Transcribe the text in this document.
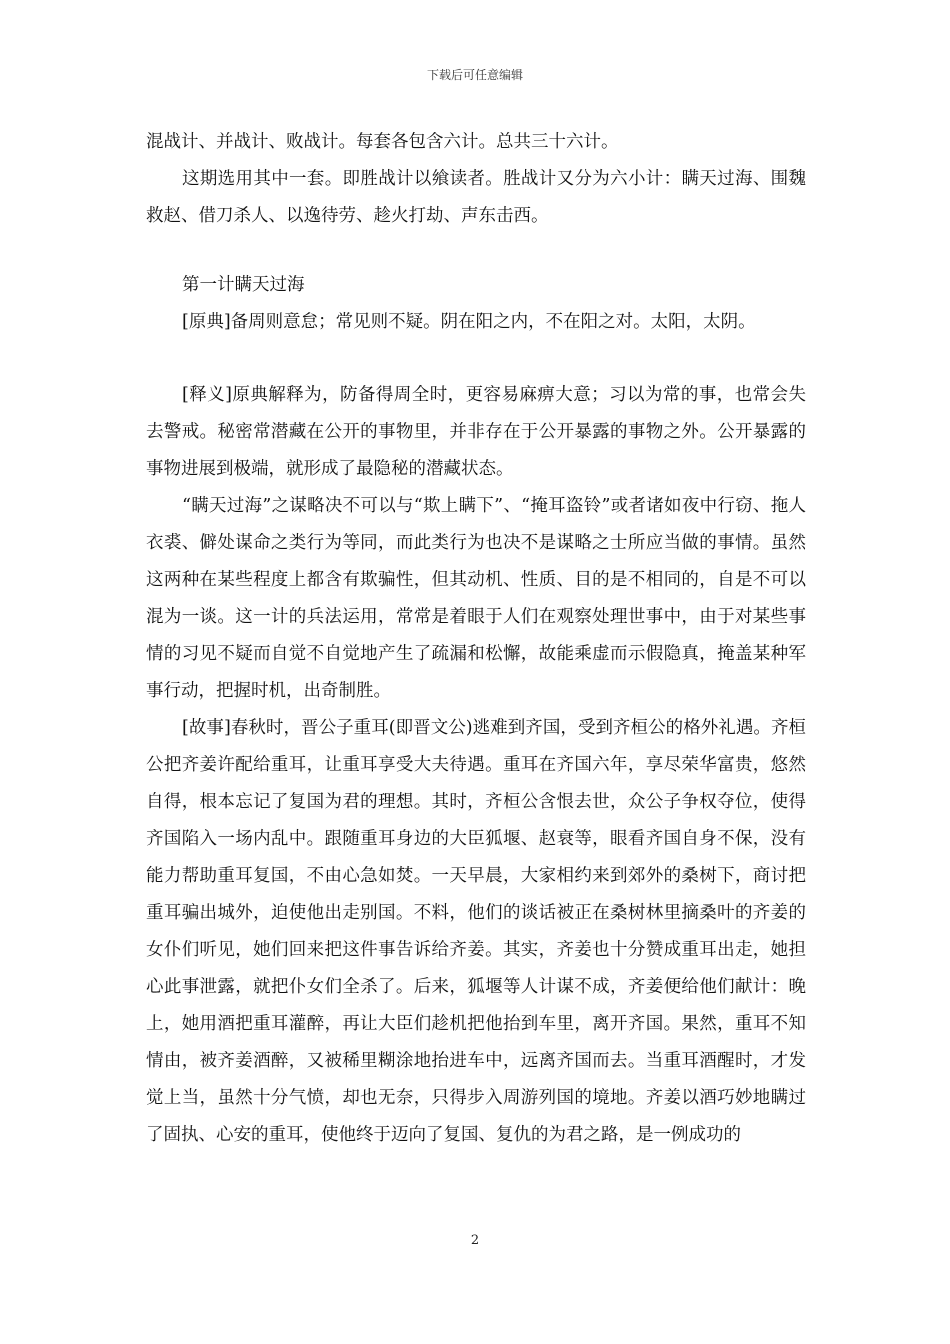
下载后可任意编辑

混战计、并战计、败战计。每套各包含六计。总共三十六计。

这期选用其中一套。即胜战计以飨读者。胜战计又分为六小计：瞒天过海、围魏救赵、借刀杀人、以逸待劳、趁火打劫、声东击西。

第一计瞒天过海

[原典]备周则意怠；常见则不疑。阴在阳之内，不在阳之对。太阳，太阴。

[释义]原典解释为，防备得周全时，更容易麻痹大意；习以为常的事，也常会失去警戒。秘密常潜藏在公开的事物里，并非存在于公开暴露的事物之外。公开暴露的事物进展到极端，就形成了最隐秘的潜藏状态。

“瞒天过海”之谋略决不可以与“欺上瞒下”、“掩耳盗铃”或者诸如夜中行窃、拖人衣裘、僻处谋命之类行为等同，而此类行为也决不是谋略之士所应当做的事情。虽然这两种在某些程度上都含有欺骗性，但其动机、性质、目的是不相同的，自是不可以混为一谈。这一计的兵法运用，常常是着眼于人们在观察处理世事中，由于对某些事情的习见不疑而自觉不自觉地产生了疏漏和松懈，故能乘虚而示假隐真，掩盖某种军事行动，把握时机，出奇制胜。

[故事]春秋时，晋公子重耳(即晋文公)逃难到齐国，受到齐桓公的格外礼遇。齐桓公把齐姜许配给重耳，让重耳享受大夫待遇。重耳在齐国六年，享尽荣华富贵，悠然自得，根本忘记了复国为君的理想。其时，齐桓公含恨去世，众公子争权夺位，使得齐国陷入一场内乱中。跟随重耳身边的大臣狐堰、赵衰等，眼看齐国自身不保，没有能力帮助重耳复国，不由心急如焚。一天早晨，大家相约来到郊外的桑树下，商讨把重耳骗出城外，迫使他出走别国。不料，他们的谈话被正在桑树林里摘桑叶的齐姜的女仆们听见，她们回来把这件事告诉给齐姜。其实，齐姜也十分赞成重耳出走，她担心此事泄露，就把仆女们全杀了。后来，狐堰等人计谋不成，齐姜便给他们献计：晚上，她用酒把重耳灌醉，再让大臣们趁机把他抬到车里，离开齐国。果然，重耳不知情由，被齐姜酒醉，又被稀里糊涂地抬进车中，远离齐国而去。当重耳酒醒时，才发觉上当，虽然十分气愤，却也无奈，只得步入周游列国的境地。齐姜以酒巧妙地瞒过了固执、心安的重耳，使他终于迈向了复国、复仇的为君之路，是一例成功的

2
